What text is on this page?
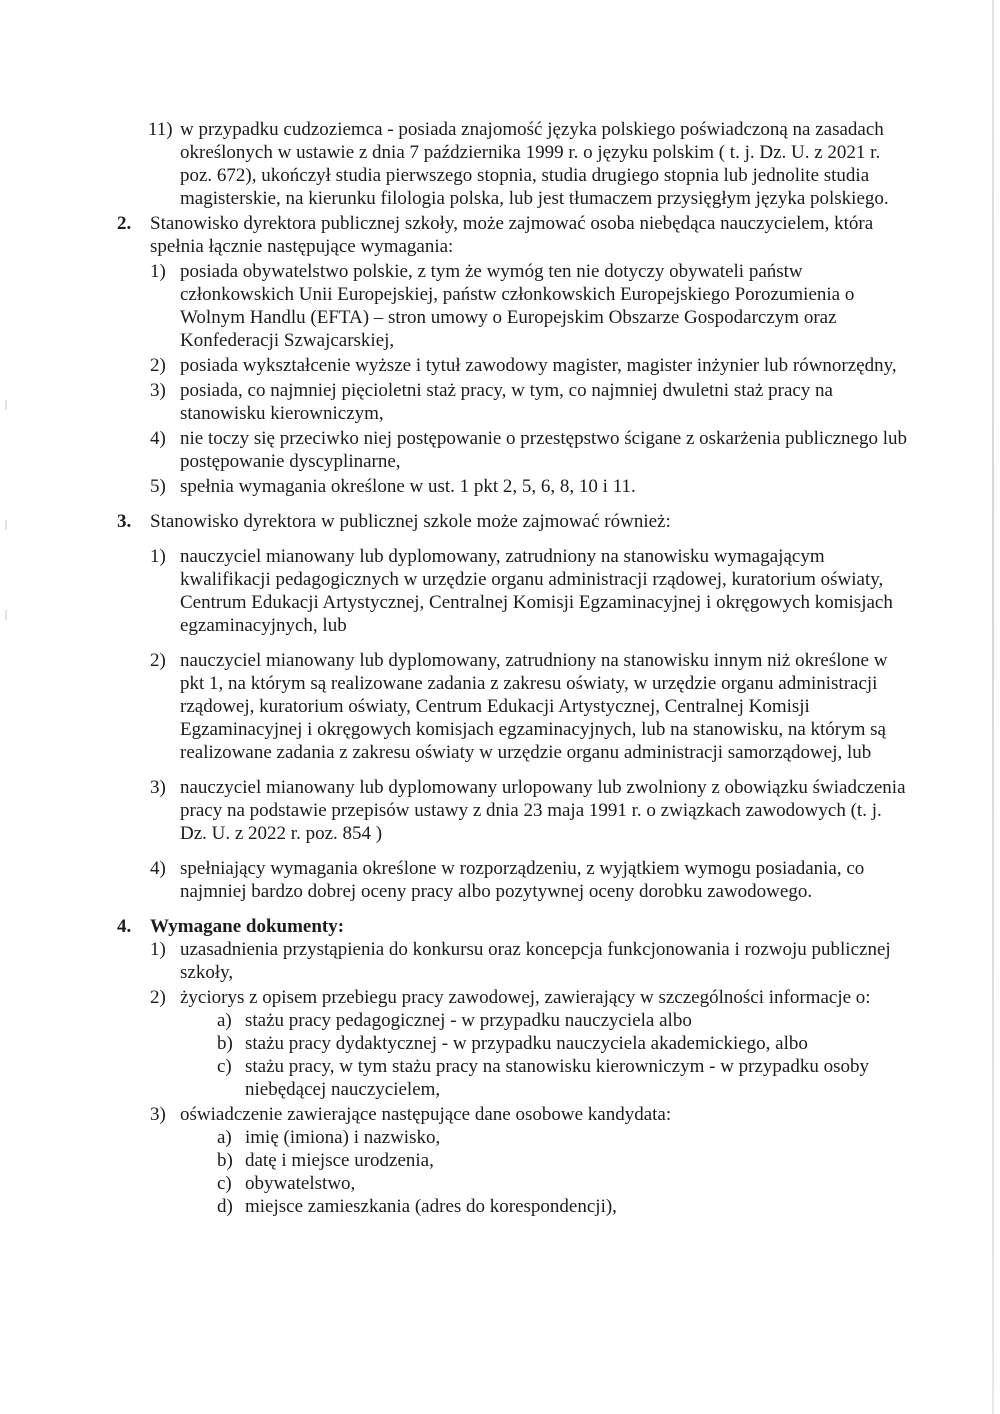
11) w przypadku cudzoziemca - posiada znajomość języka polskiego poświadczoną na zasadach określonych w ustawie z dnia 7 października 1999 r. o języku polskim ( t. j. Dz. U. z 2021 r. poz. 672), ukończył studia pierwszego stopnia, studia drugiego stopnia lub jednolite studia magisterskie, na kierunku filologia polska, lub jest tłumaczem przysięgłym języka polskiego.
2. Stanowisko dyrektora publicznej szkoły, może zajmować osoba niebędąca nauczycielem, która spełnia łącznie następujące wymagania:
1) posiada obywatelstwo polskie, z tym że wymóg ten nie dotyczy obywateli państw członkowskich Unii Europejskiej, państw członkowskich Europejskiego Porozumienia o Wolnym Handlu (EFTA) – stron umowy o Europejskim Obszarze Gospodarczym oraz Konfederacji Szwajcarskiej,
2) posiada wykształcenie wyższe i tytuł zawodowy magister, magister inżynier lub równorzędny,
3) posiada, co najmniej pięcioletni staż pracy, w tym, co najmniej dwuletni staż pracy na stanowisku kierowniczym,
4) nie toczy się przeciwko niej postępowanie o przestępstwo ścigane z oskarżenia publicznego lub postępowanie dyscyplinarne,
5) spełnia wymagania określone w ust. 1 pkt 2, 5, 6, 8, 10 i 11.
3. Stanowisko dyrektora w publicznej szkole może zajmować również:
1) nauczyciel mianowany lub dyplomowany, zatrudniony na stanowisku wymagającym kwalifikacji pedagogicznych w urzędzie organu administracji rządowej, kuratorium oświaty, Centrum Edukacji Artystycznej, Centralnej Komisji Egzaminacyjnej i okręgowych komisjach egzaminacyjnych, lub
2) nauczyciel mianowany lub dyplomowany, zatrudniony na stanowisku innym niż określone w pkt 1, na którym są realizowane zadania z zakresu oświaty, w urzędzie organu administracji rządowej, kuratorium oświaty, Centrum Edukacji Artystycznej, Centralnej Komisji Egzaminacyjnej i okręgowych komisjach egzaminacyjnych, lub na stanowisku, na którym są realizowane zadania z zakresu oświaty w urzędzie organu administracji samorządowej, lub
3) nauczyciel mianowany lub dyplomowany urlopowany lub zwolniony z obowiązku świadczenia pracy na podstawie przepisów ustawy z dnia 23 maja 1991 r. o związkach zawodowych (t. j. Dz. U. z 2022 r. poz. 854 )
4) spełniający wymagania określone w rozporządzeniu, z wyjątkiem wymogu posiadania, co najmniej bardzo dobrej oceny pracy albo pozytywnej oceny dorobku zawodowego.
4. Wymagane dokumenty:
1) uzasadnienia przystąpienia do konkursu oraz koncepcja funkcjonowania i rozwoju publicznej szkoły,
2) życiorys z opisem przebiegu pracy zawodowej, zawierający w szczególności informacje o:
a) stażu pracy pedagogicznej - w przypadku nauczyciela albo
b) stażu pracy dydaktycznej - w przypadku nauczyciela akademickiego, albo
c) stażu pracy, w tym stażu pracy na stanowisku kierowniczym - w przypadku osoby niebędącej nauczycielem,
3) oświadczenie zawierające następujące dane osobowe kandydata:
a) imię (imiona) i nazwisko,
b) datę i miejsce urodzenia,
c) obywatelstwo,
d) miejsce zamieszkania (adres do korespondencji),
